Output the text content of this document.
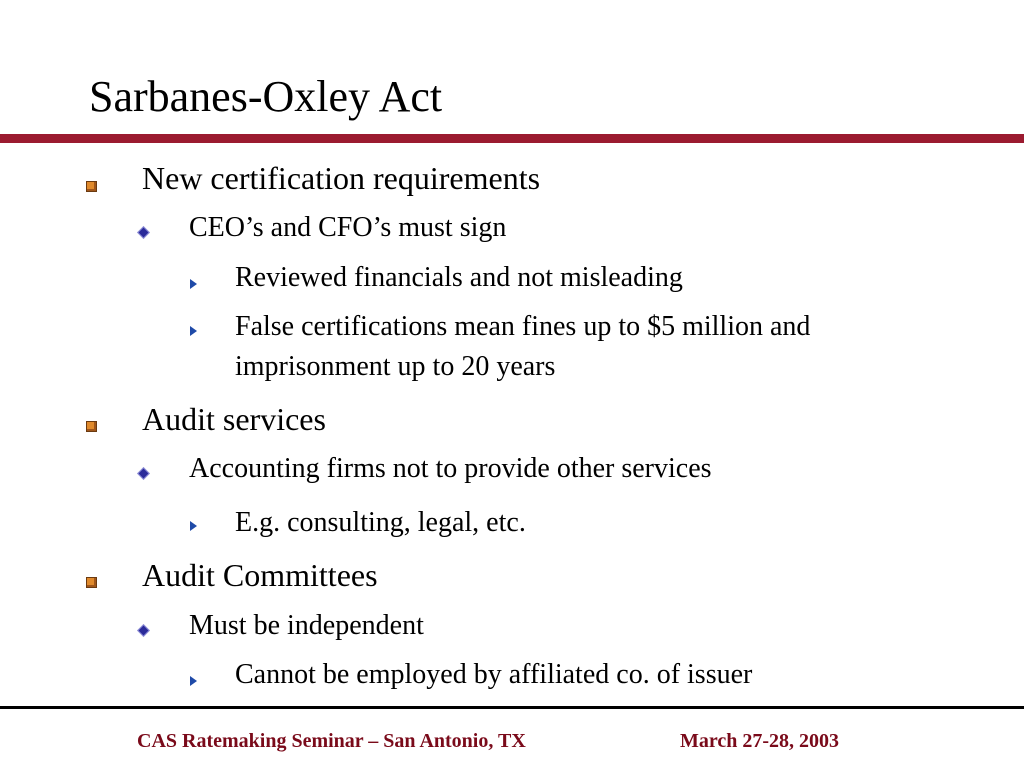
Sarbanes-Oxley Act
New certification requirements
CEO’s and CFO’s must sign
Reviewed financials and not misleading
False certifications mean fines up to $5 million and
imprisonment up to 20 years
Audit services
Accounting firms not to provide other services
E.g. consulting, legal, etc.
Audit Committees
Must be independent
Cannot be employed by affiliated co. of issuer
CAS Ratemaking Seminar – San Antonio, TX	March 27-28, 2003
